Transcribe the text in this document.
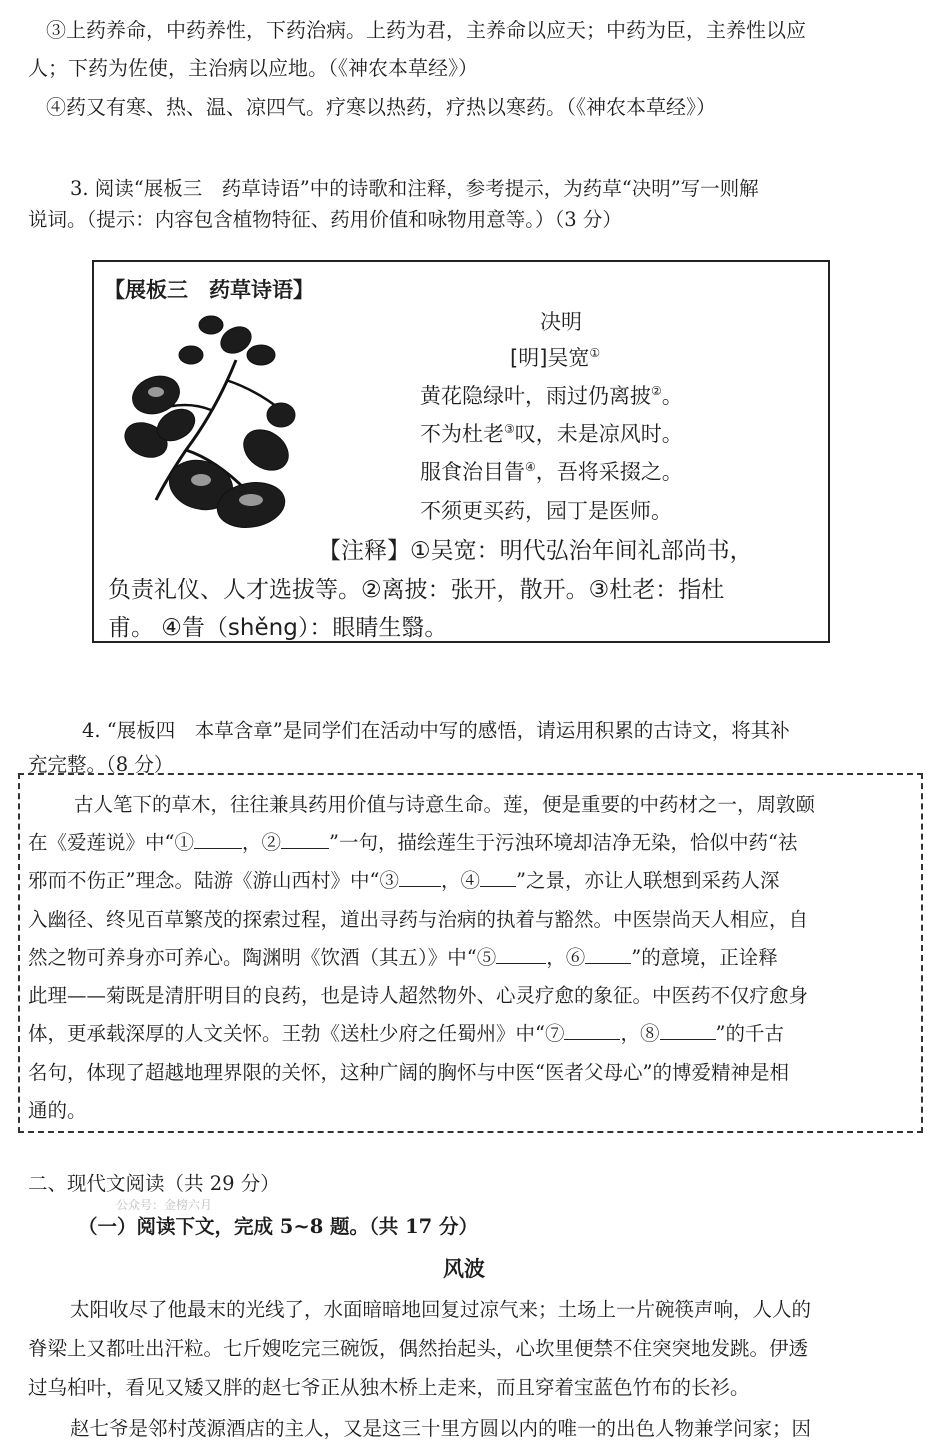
③上药养命，中药养性，下药治病。上药为君，主养命以应天；中药为臣，主养性以应
人；下药为佐使，主治病以应地。（《神农本草经》）
④药又有寒、热、温、凉四气。疗寒以热药，疗热以寒药。（《神农本草经》）
3. 阅读“展板三　药草诗语”中的诗歌和注释，参考提示，为药草“决明”写一则解
说词。（提示：内容包含植物特征、药用价值和咏物用意等。）（3 分）
【展板三　药草诗语】
决明
[明]吴宽①
黄花隐绿叶，雨过仍离披②。
不为杜老③叹，未是凉风时。
服食治目眚④，吾将采掇之。
不须更买药，园丁是医师。
【注释】①吴宽：明代弘治年间礼部尚书，
负责礼仪、人才选拔等。②离披：张开，散开。③杜老：指杜
甫。 ④眚（shěng）：眼睛生翳。
4. “展板四　本草含章”是同学们在活动中写的感悟，请运用积累的古诗文，将其补
充完整。（8 分）
古人笔下的草木，往往兼具药用价值与诗意生命。莲，便是重要的中药材之一，周敦颐
在《爱莲说》中“① ，② ”一句，描绘莲生于污浊环境却洁净无染，恰似中药“祛
邪而不伤正”理念。陆游《游山西村》中“③ ，④ ”之景，亦让人联想到采药人深
入幽径、终见百草繁茂的探索过程，道出寻药与治病的执着与豁然。中医崇尚天人相应，自
然之物可养身亦可养心。陶渊明《饮酒（其五）》中“⑤	，⑥ ”的意境，正诠释
此理——菊既是清肝明目的良药，也是诗人超然物外、心灵疗愈的象征。中医药不仅疗愈身
体，更承载深厚的人文关怀。王勃《送杜少府之任蜀州》中“⑦	，⑧	”的千古
名句，体现了超越地理界限的关怀，这种广阔的胸怀与中医“医者父母心”的博爱精神是相
通的。
二、现代文阅读（共 29 分）
公众号：金榜六月
（一）阅读下文，完成 5~8 题。（共 17 分）
风波
太阳收尽了他最末的光线了，水面暗暗地回复过凉气来；土场上一片碗筷声响，人人的
脊梁上又都吐出汗粒。七斤嫂吃完三碗饭，偶然抬起头，心坎里便禁不住突突地发跳。伊透
过乌桕叶，看见又矮又胖的赵七爷正从独木桥上走来，而且穿着宝蓝色竹布的长衫。
赵七爷是邻村茂源酒店的主人，又是这三十里方圆以内的唯一的出色人物兼学问家；因
